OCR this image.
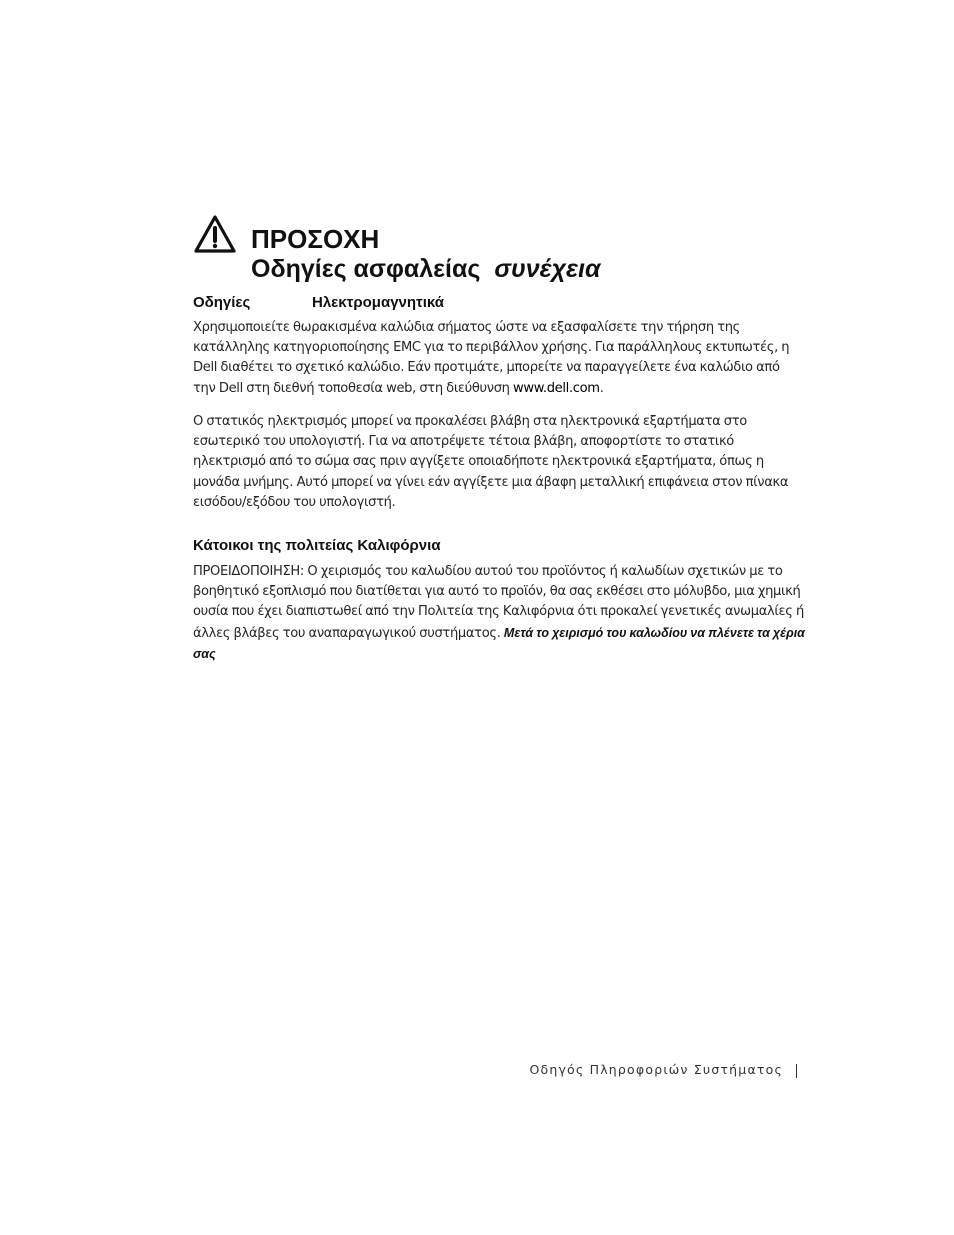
ΠΡΟΣΟΧΗ
Οδηγίες ασφαλείας συνέχεια
Οδηγίες	Ηλεκτρομαγνητικά

Χρησιμοποιείτε θωρακισμένα καλώδια σήματος ώστε να εξασφαλίσετε την τήρηση της κατάλληλης κατηγοριοποίησης EMC για το περιβάλλον χρήσης. Για παράλληλους εκτυπωτές, η Dell διαθέτει το σχετικό καλώδιο. Εάν προτιμάτε, μπορείτε να παραγγείλετε ένα καλώδιο από την Dell στη διεθνή τοποθεσία web, στη διεύθυνση www.dell.com.

Ο στατικός ηλεκτρισμός μπορεί να προκαλέσει βλάβη στα ηλεκτρονικά εξαρτήματα στο εσωτερικό του υπολογιστή. Για να αποτρέψετε τέτοια βλάβη, αποφορτίστε το στατικό ηλεκτρισμό από το σώμα σας πριν αγγίξετε οποιαδήποτε ηλεκτρονικά εξαρτήματα, όπως η μονάδα μνήμης. Αυτό μπορεί να γίνει εάν αγγίξετε μια άβαφη μεταλλική επιφάνεια στον πίνακα εισόδου/εξόδου του υπολογιστή.

Κάτοικοι της πολιτείας Καλιφόρνια

ΠΡΟΕΙΔΟΠΟΙΗΣΗ: Ο χειρισμός του καλωδίου αυτού του προϊόντος ή καλωδίων σχετικών με το βοηθητικό εξοπλισμό που διατίθεται για αυτό το προϊόν, θα σας εκθέσει στο μόλυβδο, μια χημική ουσία που έχει διαπιστωθεί από την Πολιτεία της Καλιφόρνια ότι προκαλεί γενετικές ανωμαλίες ή άλλες βλάβες του αναπαραγωγικού συστήματος. Μετά το χειρισμό του καλωδίου να πλένετε τα χέρια σας

Οδηγός Πληροφοριών Συστήματος
